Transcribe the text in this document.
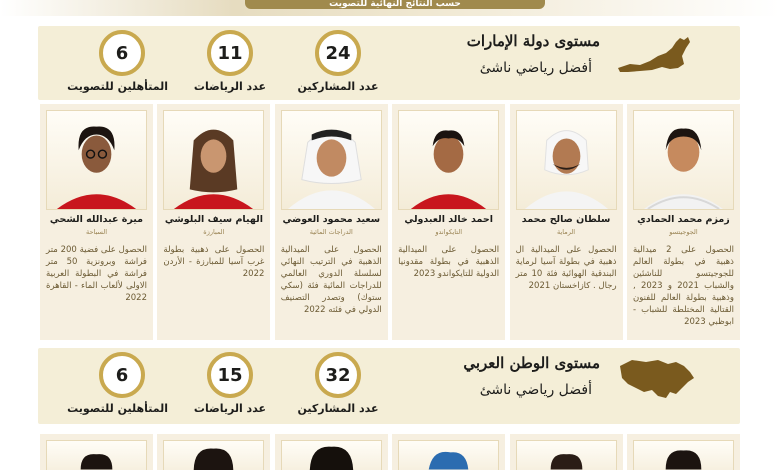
حسب النتائج النهائية للتصويت
مستوى دولة الإمارات
أفضل رياضي ناشئ
24
عدد المشاركين
11
عدد الرياضات
6
المتأهلين للتصويت
زمزم محمد الحمادي
الجوجيتسو
الحصول على 2 ميدالية ذهبية في بطولة العالم للجوجيتسو للناشئين والشباب 2021 و 2023 , وذهبية بطولة العالم للفنون القتالية المختلطة للشباب - ابوظبي 2023
سلطان صالح محمد
الرماية
الحصول على الميدالية ال ذهبية في بطولة آسيا لرماية البندقية الهوائية فئة 10 متر رجال . كازاخستان 2021
احمد خالد العبدولي
التايكواندو
الحصول على الميدالية الذهبية في بطولة مقدونيا الدولية للتايكواندو 2023
سعيد محمود العوضي
الدراجات المائية
الحصول على الميدالية الذهبية في الترتيب النهائي لسلسلة الدوري العالمي للدراجات المائية فئة (سكي ستوك) وتصدر التصنيف الدولي في فئته 2022
الهيام سيف البلوشي
المبارزة
الحصول على ذهبية بطولة غرب آسيا للمبارزة - الأردن 2022
ميرة عبدالله الشحي
السباحة
الحصول على فضية 200 متر فراشة وبرونزية 50 متر فراشة في البطولة العربية الاولى لألعاب الماء - القاهرة 2022
مستوى الوطن العربي
أفضل رياضي ناشئ
32
عدد المشاركين
15
عدد الرياضات
6
المتأهلين للتصويت
